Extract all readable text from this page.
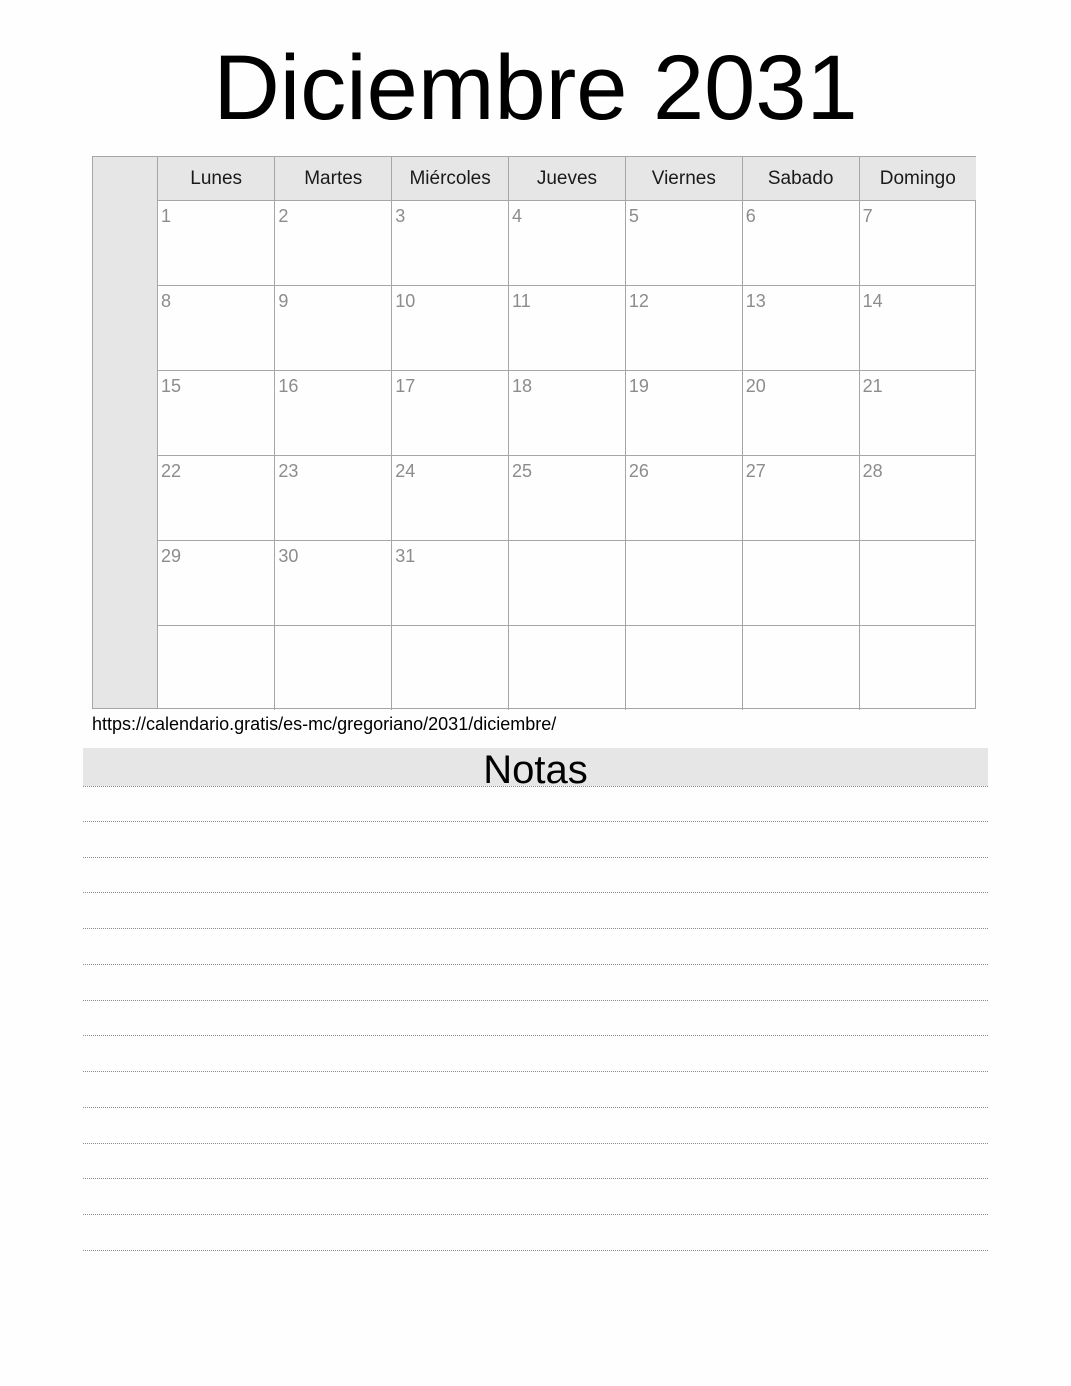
Diciembre 2031
Lunes	Martes	Miércoles	Jueves	Viernes	Sabado	Domingo

1	2	3	4	5	6	7

8	9	10	11	12	13	14

15	16	17	18	19	20	21

22	23	24	25	26	27	28

29	30	31				

https://calendario.gratis/es-mc/gregoriano/2031/diciembre/
Notas
